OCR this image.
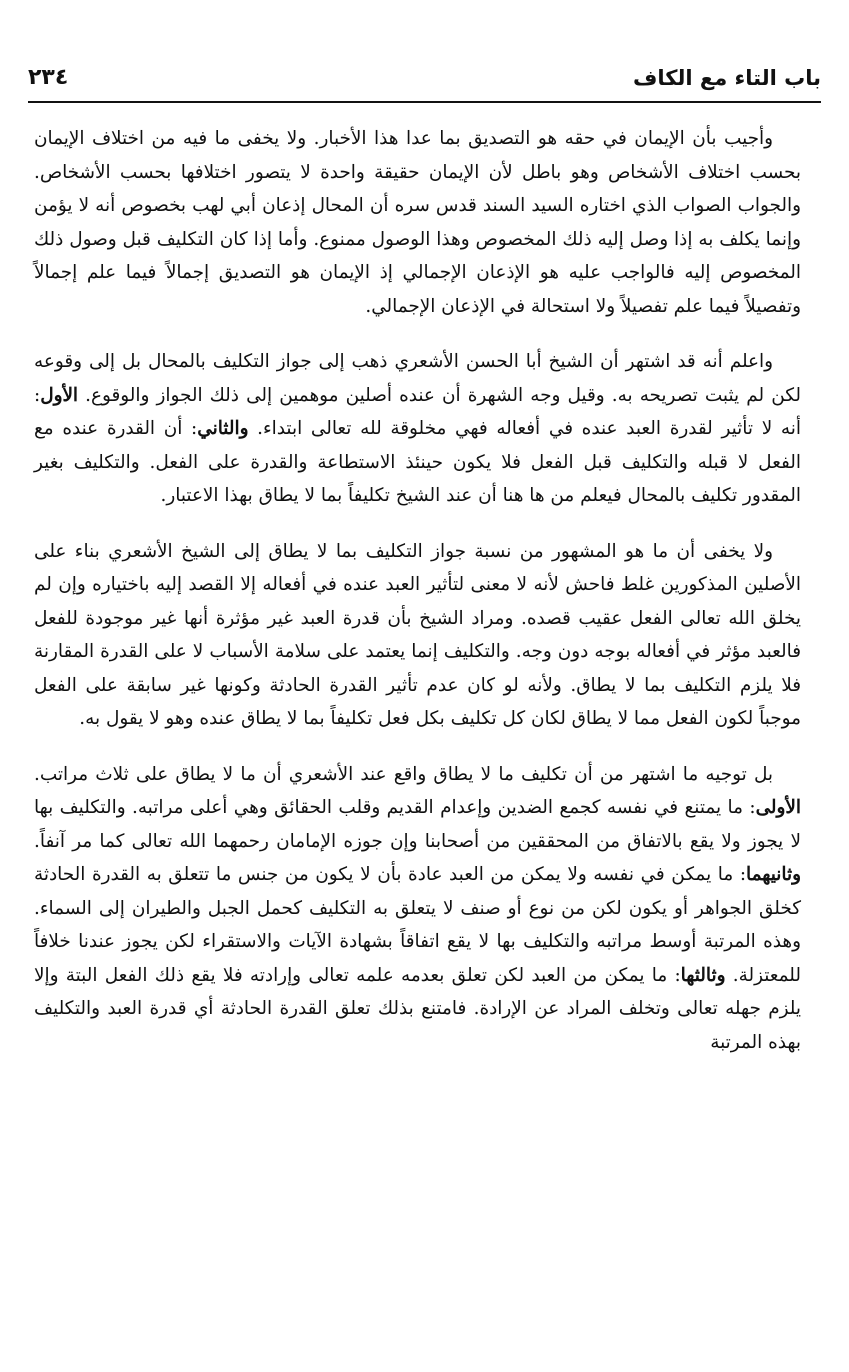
باب التاء مع الكاف
٢٣٤

وأجيب بأن الإيمان في حقه هو التصديق بما عدا هذا الأخبار. ولا يخفى ما فيه من اختلاف الإيمان بحسب اختلاف الأشخاص وهو باطل لأن الإيمان حقيقة واحدة لا يتصور اختلافها بحسب الأشخاص. والجواب الصواب الذي اختاره السيد السند قدس سره أن المحال إذعان أبي لهب بخصوص أنه لا يؤمن وإنما يكلف به إذا وصل إليه ذلك المخصوص وهذا الوصول ممنوع. وأما إذا كان التكليف قبل وصول ذلك المخصوص إليه فالواجب عليه هو الإذعان الإجمالي إذ الإيمان هو التصديق إجمالاً فيما علم إجمالاً وتفصيلاً فيما علم تفصيلاً ولا استحالة في الإذعان الإجمالي.

واعلم أنه قد اشتهر أن الشيخ أبا الحسن الأشعري ذهب إلى جواز التكليف بالمحال بل إلى وقوعه لكن لم يثبت تصريحه به. وقيل وجه الشهرة أن عنده أصلين موهمين إلى ذلك الجواز والوقوع. الأول: أنه لا تأثير لقدرة العبد عنده في أفعاله فهي مخلوقة لله تعالى ابتداء. والثاني: أن القدرة عنده مع الفعل لا قبله والتكليف قبل الفعل فلا يكون حينئذ الاستطاعة والقدرة على الفعل. والتكليف بغير المقدور تكليف بالمحال فيعلم من ها هنا أن عند الشيخ تكليفاً بما لا يطاق بهذا الاعتبار.

ولا يخفى أن ما هو المشهور من نسبة جواز التكليف بما لا يطاق إلى الشيخ الأشعري بناء على الأصلين المذكورين غلط فاحش لأنه لا معنى لتأثير العبد عنده في أفعاله إلا القصد إليه باختياره وإن لم يخلق الله تعالى الفعل عقيب قصده. ومراد الشيخ بأن قدرة العبد غير مؤثرة أنها غير موجودة للفعل فالعبد مؤثر في أفعاله بوجه دون وجه. والتكليف إنما يعتمد على سلامة الأسباب لا على القدرة المقارنة فلا يلزم التكليف بما لا يطاق. ولأنه لو كان عدم تأثير القدرة الحادثة وكونها غير سابقة على الفعل موجباً لكون الفعل مما لا يطاق لكان كل تكليف بكل فعل تكليفاً بما لا يطاق عنده وهو لا يقول به.

بل توجيه ما اشتهر من أن تكليف ما لا يطاق واقع عند الأشعري أن ما لا يطاق على ثلاث مراتب. الأولى: ما يمتنع في نفسه كجمع الضدين وإعدام القديم وقلب الحقائق وهي أعلى مراتبه. والتكليف بها لا يجوز ولا يقع بالاتفاق من المحققين من أصحابنا وإن جوزه الإمامان رحمهما الله تعالى كما مر آنفاً. وثانيهما: ما يمكن في نفسه ولا يمكن من العبد عادة بأن لا يكون من جنس ما تتعلق به القدرة الحادثة كخلق الجواهر أو يكون لكن من نوع أو صنف لا يتعلق به التكليف كحمل الجبل والطيران إلى السماء. وهذه المرتبة أوسط مراتبه والتكليف بها لا يقع اتفاقاً بشهادة الآيات والاستقراء لكن يجوز عندنا خلافاً للمعتزلة. وثالثها: ما يمكن من العبد لكن تعلق بعدمه علمه تعالى وإرادته فلا يقع ذلك الفعل البتة وإلا يلزم جهله تعالى وتخلف المراد عن الإرادة. فامتنع بذلك تعلق القدرة الحادثة أي قدرة العبد والتكليف بهذه المرتبة
